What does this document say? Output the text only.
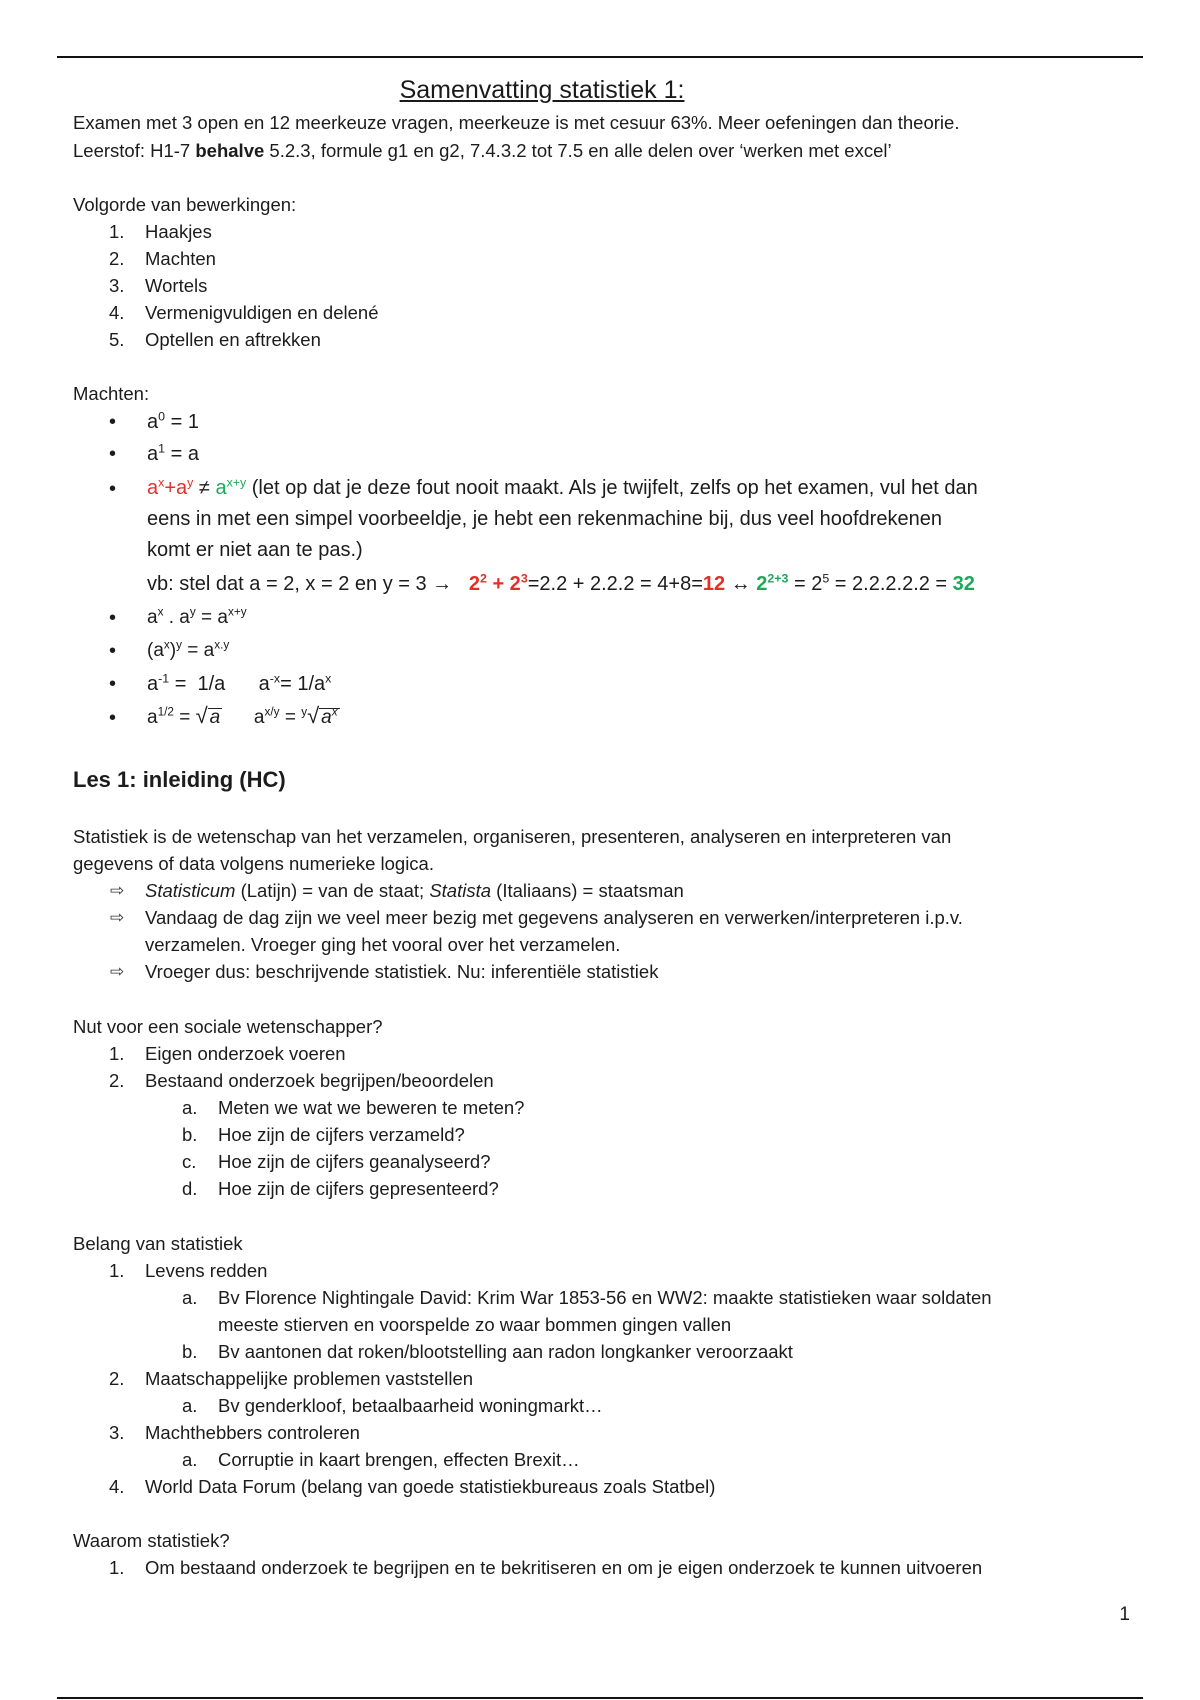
Samenvatting statistiek 1:
Examen met 3 open en 12 meerkeuze vragen, meerkeuze is met cesuur 63%. Meer oefeningen dan theorie.
Leerstof: H1-7 behalve 5.2.3, formule g1 en g2, 7.4.3.2 tot 7.5 en alle delen over ‘werken met excel’
Volgorde van bewerkingen:
1. Haakjes
2. Machten
3. Wortels
4. Vermenigvuldigen en delené
5. Optellen en aftrekken
Machten:
• $a^0 = 1$
• $a^1 = a$
• $a^x+a^y \ne a^{x+y}$ (let op dat je deze fout nooit maakt. Als je twijfelt, zelfs op het examen, vul het dan
eens in met een simpel voorbeeldje, je hebt een rekenmachine bij, dus veel hoofdrekenen
komt er niet aan te pas.)
vb: stel dat a = 2, x = 2 en $y = 3 \to 2^2 + 2^3=2.2 + 2.2.2 = 4+8=12$ ↔ $2^{2+3} = 2^5 = 2.2.2.2.2 = 32$
• $a^x$ . $a^y = a^{x+y}$
• $(a^x)^y = a^{x.y}$
• $a^{-1} = 1/a$      $a^{-x}= 1/a^x$
• $a^{1/2}$ = √ a      $a^{x/y} = ^y√$ $a^x$
Les 1: inleiding (HC)
Statistiek is de wetenschap van het verzamelen, organiseren, presenteren, analyseren en interpreteren van
gegevens of data volgens numerieke logica.
⇨ Statisticum (Latijn) = van de staat; Statista (Italiaans) = staatsman
⇨ Vandaag de dag zijn we veel meer bezig met gegevens analyseren en verwerken/interpreteren i.p.v.
verzamelen. Vroeger ging het vooral over het verzamelen.
⇨ Vroeger dus: beschrijvende statistiek. Nu: inferentiële statistiek
Nut voor een sociale wetenschapper?
1. Eigen onderzoek voeren
2. Bestaand onderzoek begrijpen/beoordelen
a. Meten we wat we beweren te meten?
b. Hoe zijn de cijfers verzameld?
c. Hoe zijn de cijfers geanalyseerd?
d. Hoe zijn de cijfers gepresenteerd?
Belang van statistiek
1. Levens redden
a. Bv Florence Nightingale David: Krim War 1853-56 en WW2: maakte statistieken waar soldaten
meeste stierven en voorspelde zo waar bommen gingen vallen
b. Bv aantonen dat roken/blootstelling aan radon longkanker veroorzaakt
2. Maatschappelijke problemen vaststellen
a. Bv genderkloof, betaalbaarheid woningmarkt…
3. Machthebbers controleren
a. Corruptie in kaart brengen, effecten Brexit…
4. World Data Forum (belang van goede statistiekbureaus zoals Statbel)
Waarom statistiek?
1. Om bestaand onderzoek te begrijpen en te bekritiseren en om je eigen onderzoek te kunnen uitvoeren
1
